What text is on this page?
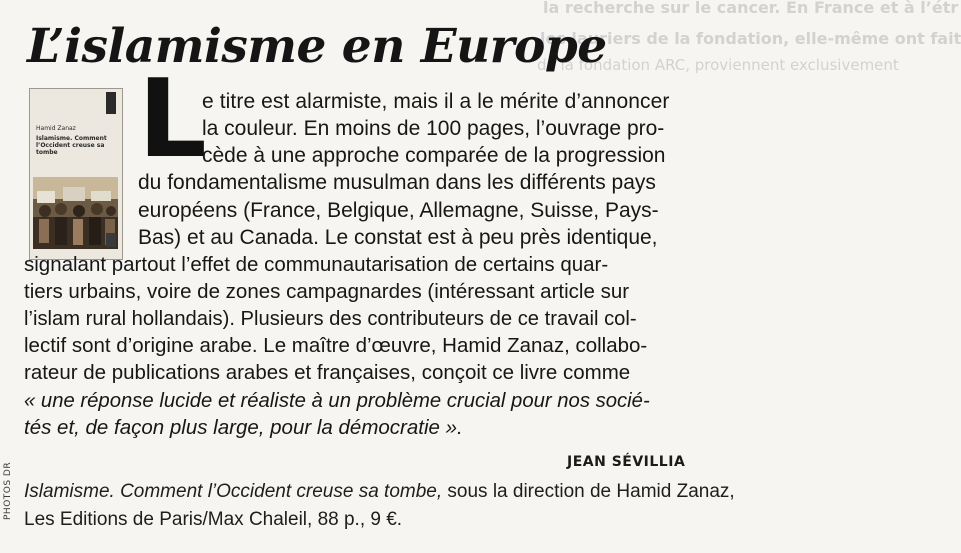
la recherche sur le cancer. En France et à l’étr
les lauriers de la fondation, elle-même ont fait
de la fondation ARC, proviennent exclusivement
L’islamisme en Europe
Hamid Zanaz
Islamisme. Comment l’Occident creuse sa tombe L

e titre est alarmiste, mais il a le mérite d’annoncer

la couleur. En moins de 100 pages, l’ouvrage pro-

cède à une approche comparée de la progression

du fondamentalisme musulman dans les différents pays

européens (France, Belgique, Allemagne, Suisse, Pays-

Bas) et au Canada. Le constat est à peu près identique,

signalant partout l’effet de communautarisation de certains quar-

tiers urbains, voire de zones campagnardes (intéressant article sur

l’islam rural hollandais). Plusieurs des contributeurs de ce travail col-

lectif sont d’origine arabe. Le maître d’œuvre, Hamid Zanaz, collabo-

rateur de publications arabes et françaises, conçoit ce livre comme

« une réponse lucide et réaliste à un problème crucial pour nos socié-

tés et, de façon plus large, pour la démocratie ».

JEAN SÉVILLIA

Islamisme. Comment l’Occident creuse sa tombe, sous la direction de Hamid Zanaz,

Les Editions de Paris/Max Chaleil, 88 p., 9 €.

PHOTOS DR
